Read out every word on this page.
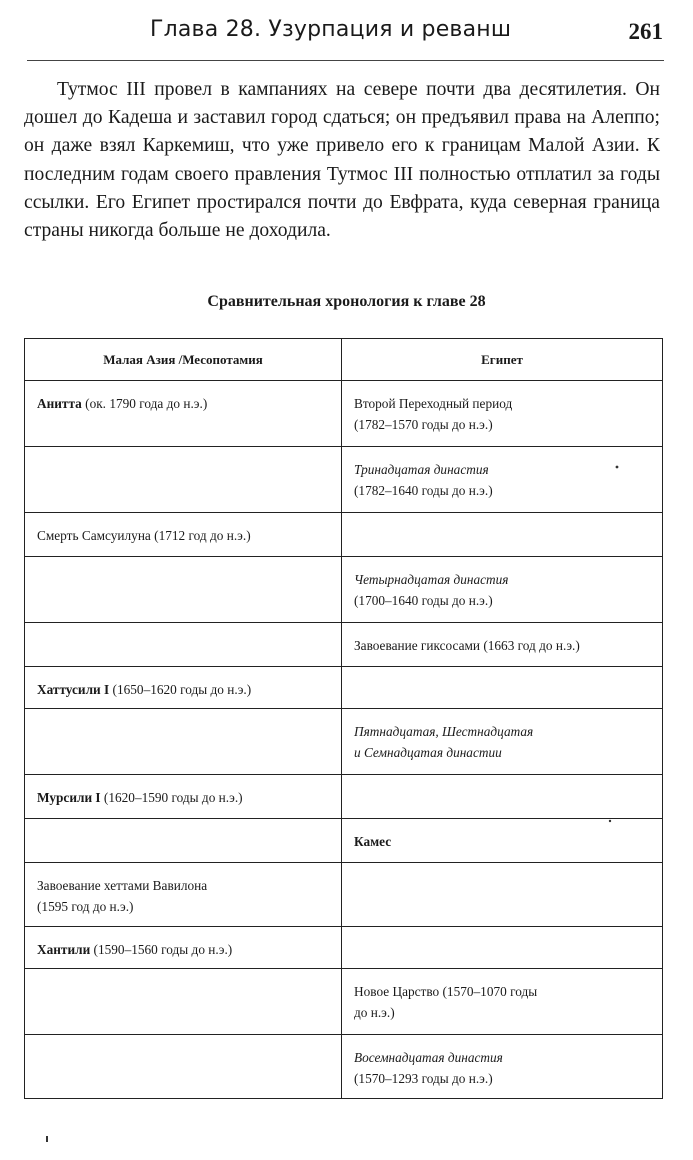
Глава 28. Узурпация и реванш	261

Тутмос III провел в кампаниях на севере почти два десятилетия. Он дошел до Кадеша и заставил город сдаться; он предъявил права на Алеппо; он даже взял Каркемиш, что уже привело его к границам Малой Азии. К последним годам своего правления Тутмос III полностью отплатил за годы ссылки. Его Египет простирался почти до Евфрата, куда северная граница страны никогда больше не доходила.

Сравнительная хронология к главе 28

Малая Азия /Месопотамия	Египет

Анитта (ок. 1790 года до н.э.)	Второй Переходный период
(1782–1570 годы до н.э.)

	Тринадцатая династия
(1782–1640 годы до н.э.)

Смерть Самсуилуна (1712 год до н.э.)	

	Четырнадцатая династия
(1700–1640 годы до н.э.)

	Завоевание гиксосами (1663 год до н.э.)

Хаттусили I (1650–1620 годы до н.э.)	

	Пятнадцатая, Шестнадцатая
и Семнадцатая династии

Мурсили I (1620–1590 годы до н.э.)	

	Камес

Завоевание хеттами Вавилона
(1595 год до н.э.)	

Хантили (1590–1560 годы до н.э.)	

	Новое Царство (1570–1070 годы
до н.э.)

	Восемнадцатая династия
(1570–1293 годы до н.э.)
